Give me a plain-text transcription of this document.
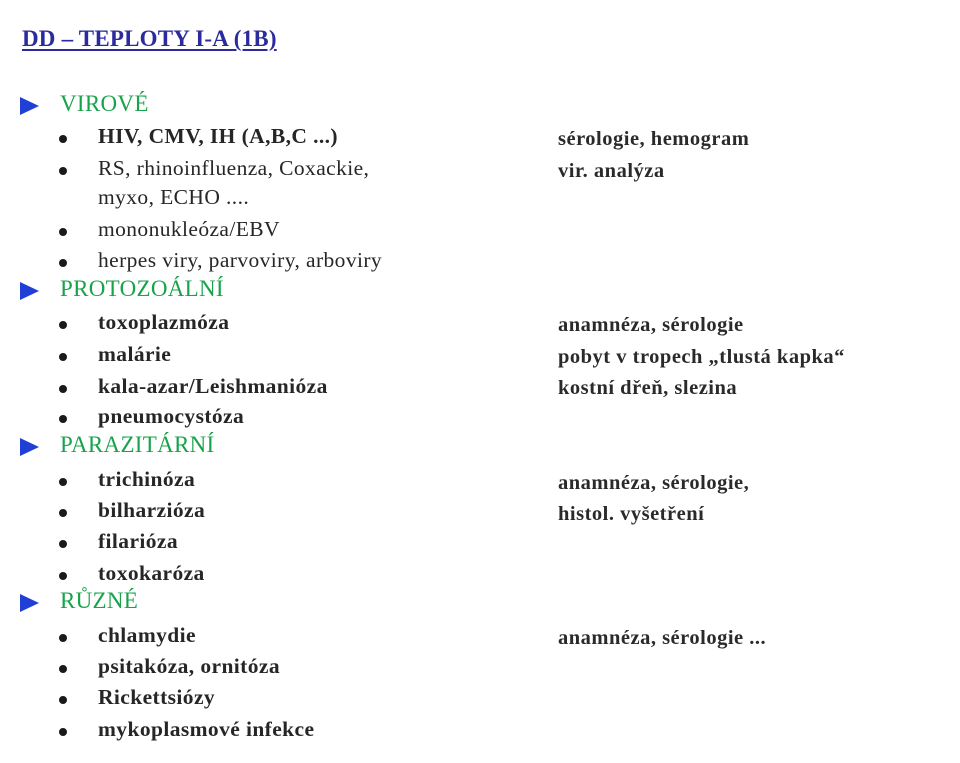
DD – TEPLOTY I-A (1B)
VIROVÉ
HIV, CMV, IH (A,B,C ...)
RS, rhinoinfluenza, Coxackie,
myxo, ECHO ....
mononukleóza/EBV
herpes viry, parvoviry, arboviry
sérologie, hemogram
vir. analýza
PROTOZOÁLNÍ
toxoplazmóza
malárie
kala-azar/Leishmanióza
pneumocystóza
anamnéza, sérologie
pobyt v tropech „tlustá kapka“
kostní dřeň, slezina
PARAZITÁRNÍ
trichinóza
bilharzióza
filarióza
toxokaróza
anamnéza, sérologie,
histol. vyšetření
RŮZNÉ
chlamydie
psitakóza, ornitóza
Rickettsiózy
mykoplasmové infekce
anamnéza, sérologie ...
